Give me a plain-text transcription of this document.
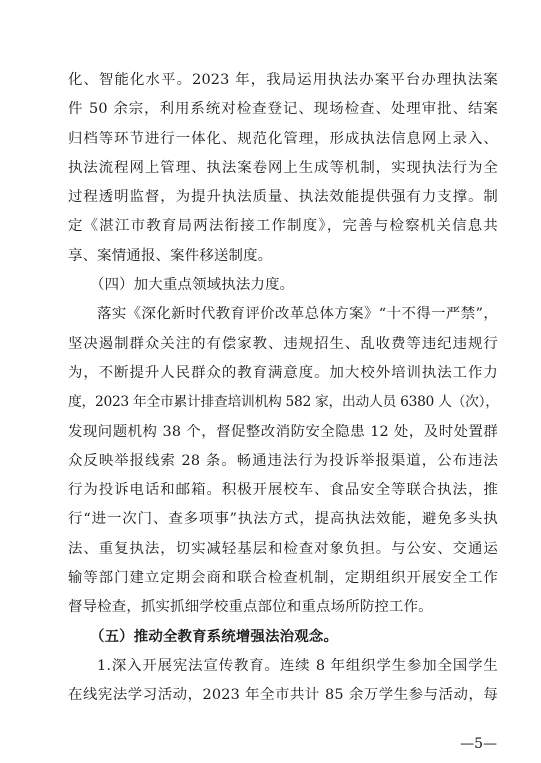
化、智能化水平。2023 年，我局运用执法办案平台办理执法案
件 50 余宗，利用系统对检查登记、现场检查、处理审批、结案
归档等环节进行一体化、规范化管理，形成执法信息网上录入、
执法流程网上管理、执法案卷网上生成等机制，实现执法行为全
过程透明监督，为提升执法质量、执法效能提供强有力支撑。制
定《湛江市教育局两法衔接工作制度》，完善与检察机关信息共
享、案情通报、案件移送制度。
（四）加大重点领域执法力度。
落实《深化新时代教育评价改革总体方案》“十不得一严禁”，
坚决遏制群众关注的有偿家教、违规招生、乱收费等违纪违规行
为，不断提升人民群众的教育满意度。加大校外培训执法工作力
度，2023 年全市累计排查培训机构 582 家，出动人员 6380 人（次），
发现问题机构 38 个，督促整改消防安全隐患 12 处，及时处置群
众反映举报线索 28 条。畅通违法行为投诉举报渠道，公布违法
行为投诉电话和邮箱。积极开展校车、食品安全等联合执法，推
行“进一次门、查多项事”执法方式，提高执法效能，避免多头执
法、重复执法，切实减轻基层和检查对象负担。与公安、交通运
输等部门建立定期会商和联合检查机制，定期组织开展安全工作
督导检查，抓实抓细学校重点部位和重点场所防控工作。
（五）推动全教育系统增强法治观念。
1.深入开展宪法宣传教育。连续 8 年组织学生参加全国学生
在线宪法学习活动，2023 年全市共计 85 余万学生参与活动，每
—5—
